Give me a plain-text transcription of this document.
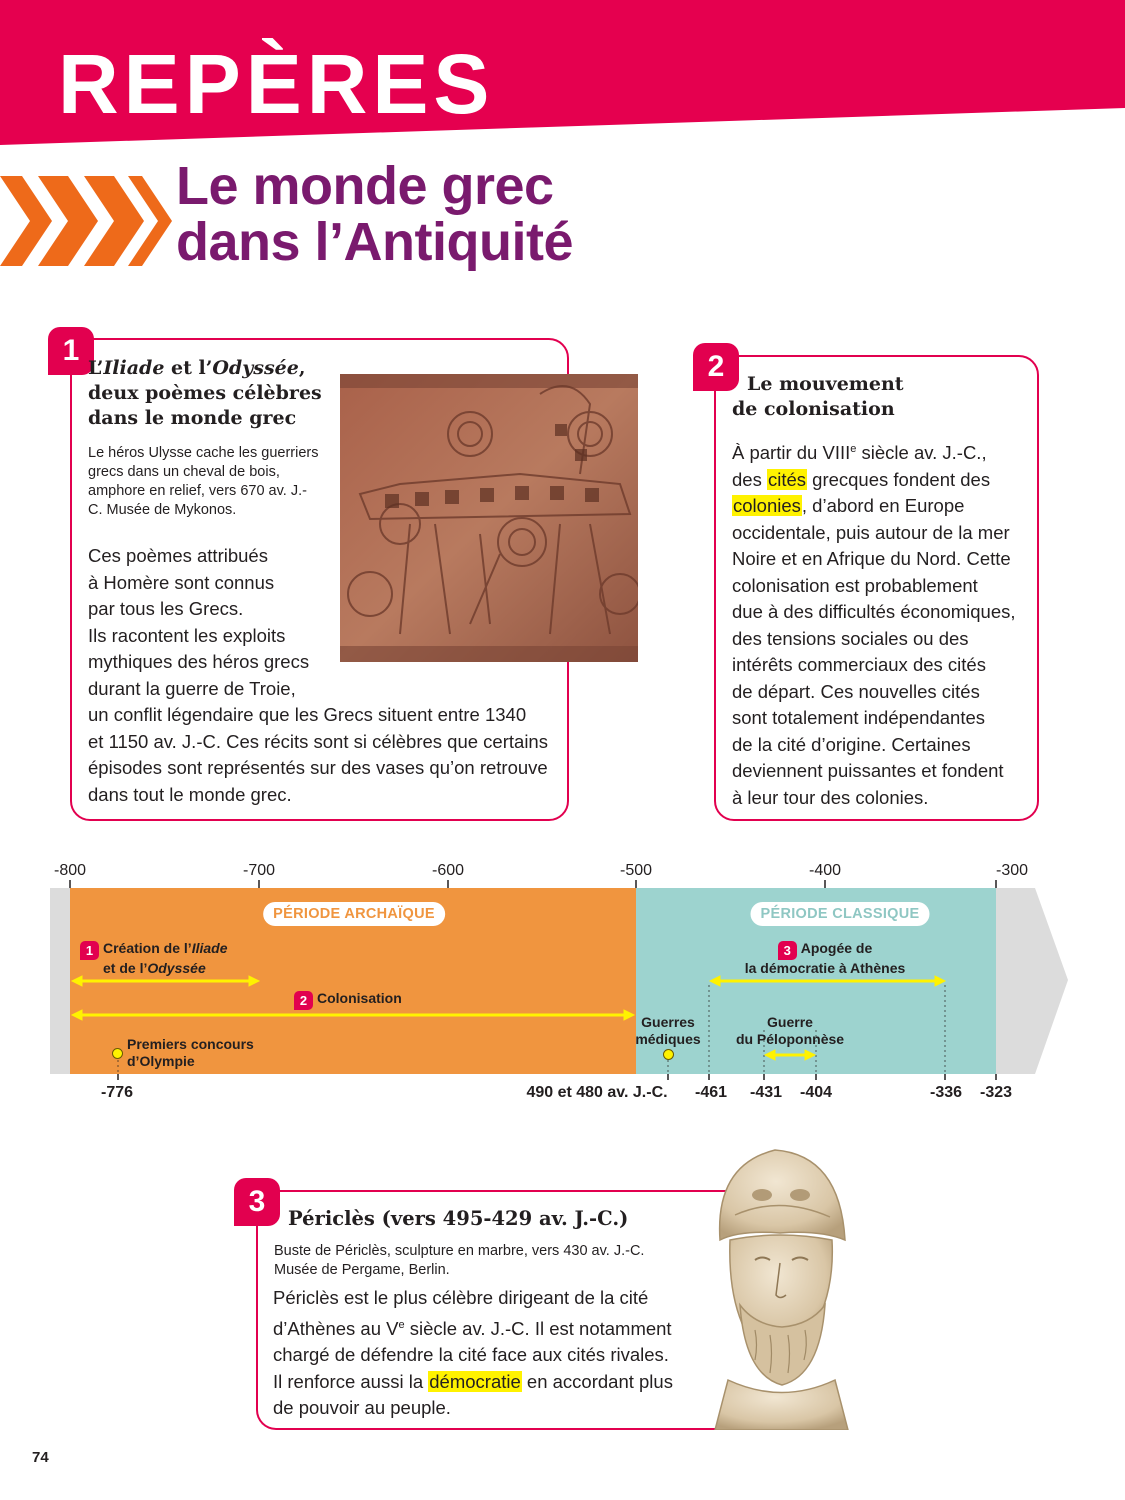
REPÈRES
Le monde grec
dans l’Antiquité
1
L’Iliade et l’Odyssée,
deux poèmes célèbres
dans le monde grec
Le héros Ulysse cache les guerriers grecs dans un cheval de bois, amphore en relief, vers 670 av. J.-C. Musée de Mykonos.
Ces poèmes attribués
à Homère sont connus
par tous les Grecs.
Ils racontent les exploits
mythiques des héros grecs
durant la guerre de Troie,
un conflit légendaire que les Grecs situent entre 1340
et 1150 av. J.-C. Ces récits sont si célèbres que certains
épisodes sont représentés sur des vases qu’on retrouve
dans tout le monde grec.
2
Le mouvement
de colonisation
À partir du VIIIe siècle av. J.-C.,
des cités grecques fondent des
colonies, d’abord en Europe
occidentale, puis autour de la mer
Noire et en Afrique du Nord. Cette
colonisation est probablement
due à des difficultés économiques,
des tensions sociales ou des
intérêts commerciaux des cités
de départ. Ces nouvelles cités
sont totalement indépendantes
de la cité d’origine. Certaines
deviennent puissantes et fondent
à leur tour des colonies.
-800	-700	-600	-500	-400	-300
PÉRIODE ARCHAÏQUE	PÉRIODE CLASSIQUE
1 Création de l’Iliade
et de l’Odyssée
2 Colonisation
3 Apogée de
la démocratie à Athènes
Premiers concours
d’Olympie
Guerres
médiques
Guerre
du Péloponnèse
-776	490 et 480 av. J.-C. -461 -431 -404	-336 -323
3
Périclès (vers 495-429 av. J.-C.)
Buste de Périclès, sculpture en marbre, vers 430 av. J.-C.
Musée de Pergame, Berlin.
Périclès est le plus célèbre dirigeant de la cité
d’Athènes au Ve siècle av. J.-C. Il est notamment
chargé de défendre la cité face aux cités rivales.
Il renforce aussi la démocratie en accordant plus
de pouvoir au peuple.
74
